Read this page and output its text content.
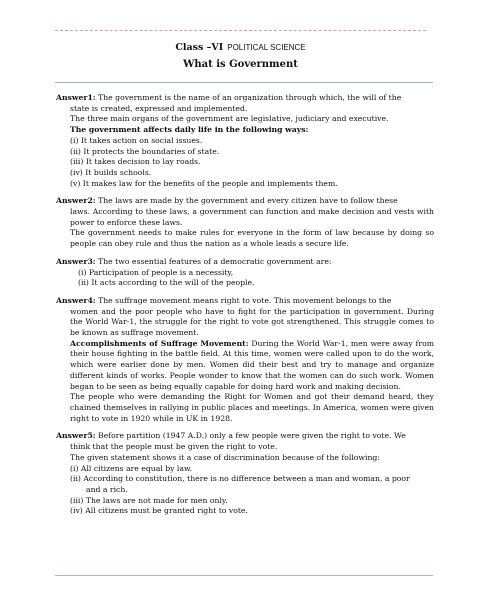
Class –VI POLITICAL SCIENCE
What is Government

Answer1: The government is the name of an organization through which, the will of the

state is created, expressed and implemented.

The three main organs of the government are legislative, judiciary and executive.

The government affects daily life in the following ways:

(i) It takes action on social issues.

(ii) It protects the boundaries of state.

(iii) It takes decision to lay roads.

(iv) It builds schools.

(v) It makes law for the benefits of the people and implements them.

Answer2: The laws are made by the government and every citizen have to follow these

laws. According to these laws, a government can function and make decision and vests with power to enforce these laws.

The government needs to make rules for everyone in the form of law because by doing so people can obey rule and thus the nation as a whole leads a secure life.

Answer3: The two essential features of a democratic government are:

(i) Participation of people is a necessity,

(ii) It acts according to the will of the people.

Answer4: The suffrage movement means right to vote. This movement belongs to the

women and the poor people who have to fight for the participation in government. During the World War-1, the struggle for the right to vote got strengthened. This struggle comes to be known as suffrage movement.

Accomplishments of Suffrage Movement: During the World War-1, men were away from their house fighting in the battle field. At this time, women were called upon to do the work, which were earlier done by men. Women did their best and try to manage and organize different kinds of works. People wonder to know that the women can do such work. Women began to be seen as being equally capable for doing hard work and making decision.

The people who were demanding the Right for Women and got their demand heard, they chained themselves in rallying in public places and meetings. In America, women were given right to vote in 1920 while in UK in 1928.

Answer5: Before partition (1947 A.D.) only a few people were given the right to vote. We

think that the people must be given the right to vote.

The given statement shows it a case of discrimination because of the following:

(i) All citizens are equal by law.

(ii) According to constitution, there is no difference between a man and woman, a poor

and a rich.

(iii) The laws are not made for men only.

(iv) All citizens must be granted right to vote.
